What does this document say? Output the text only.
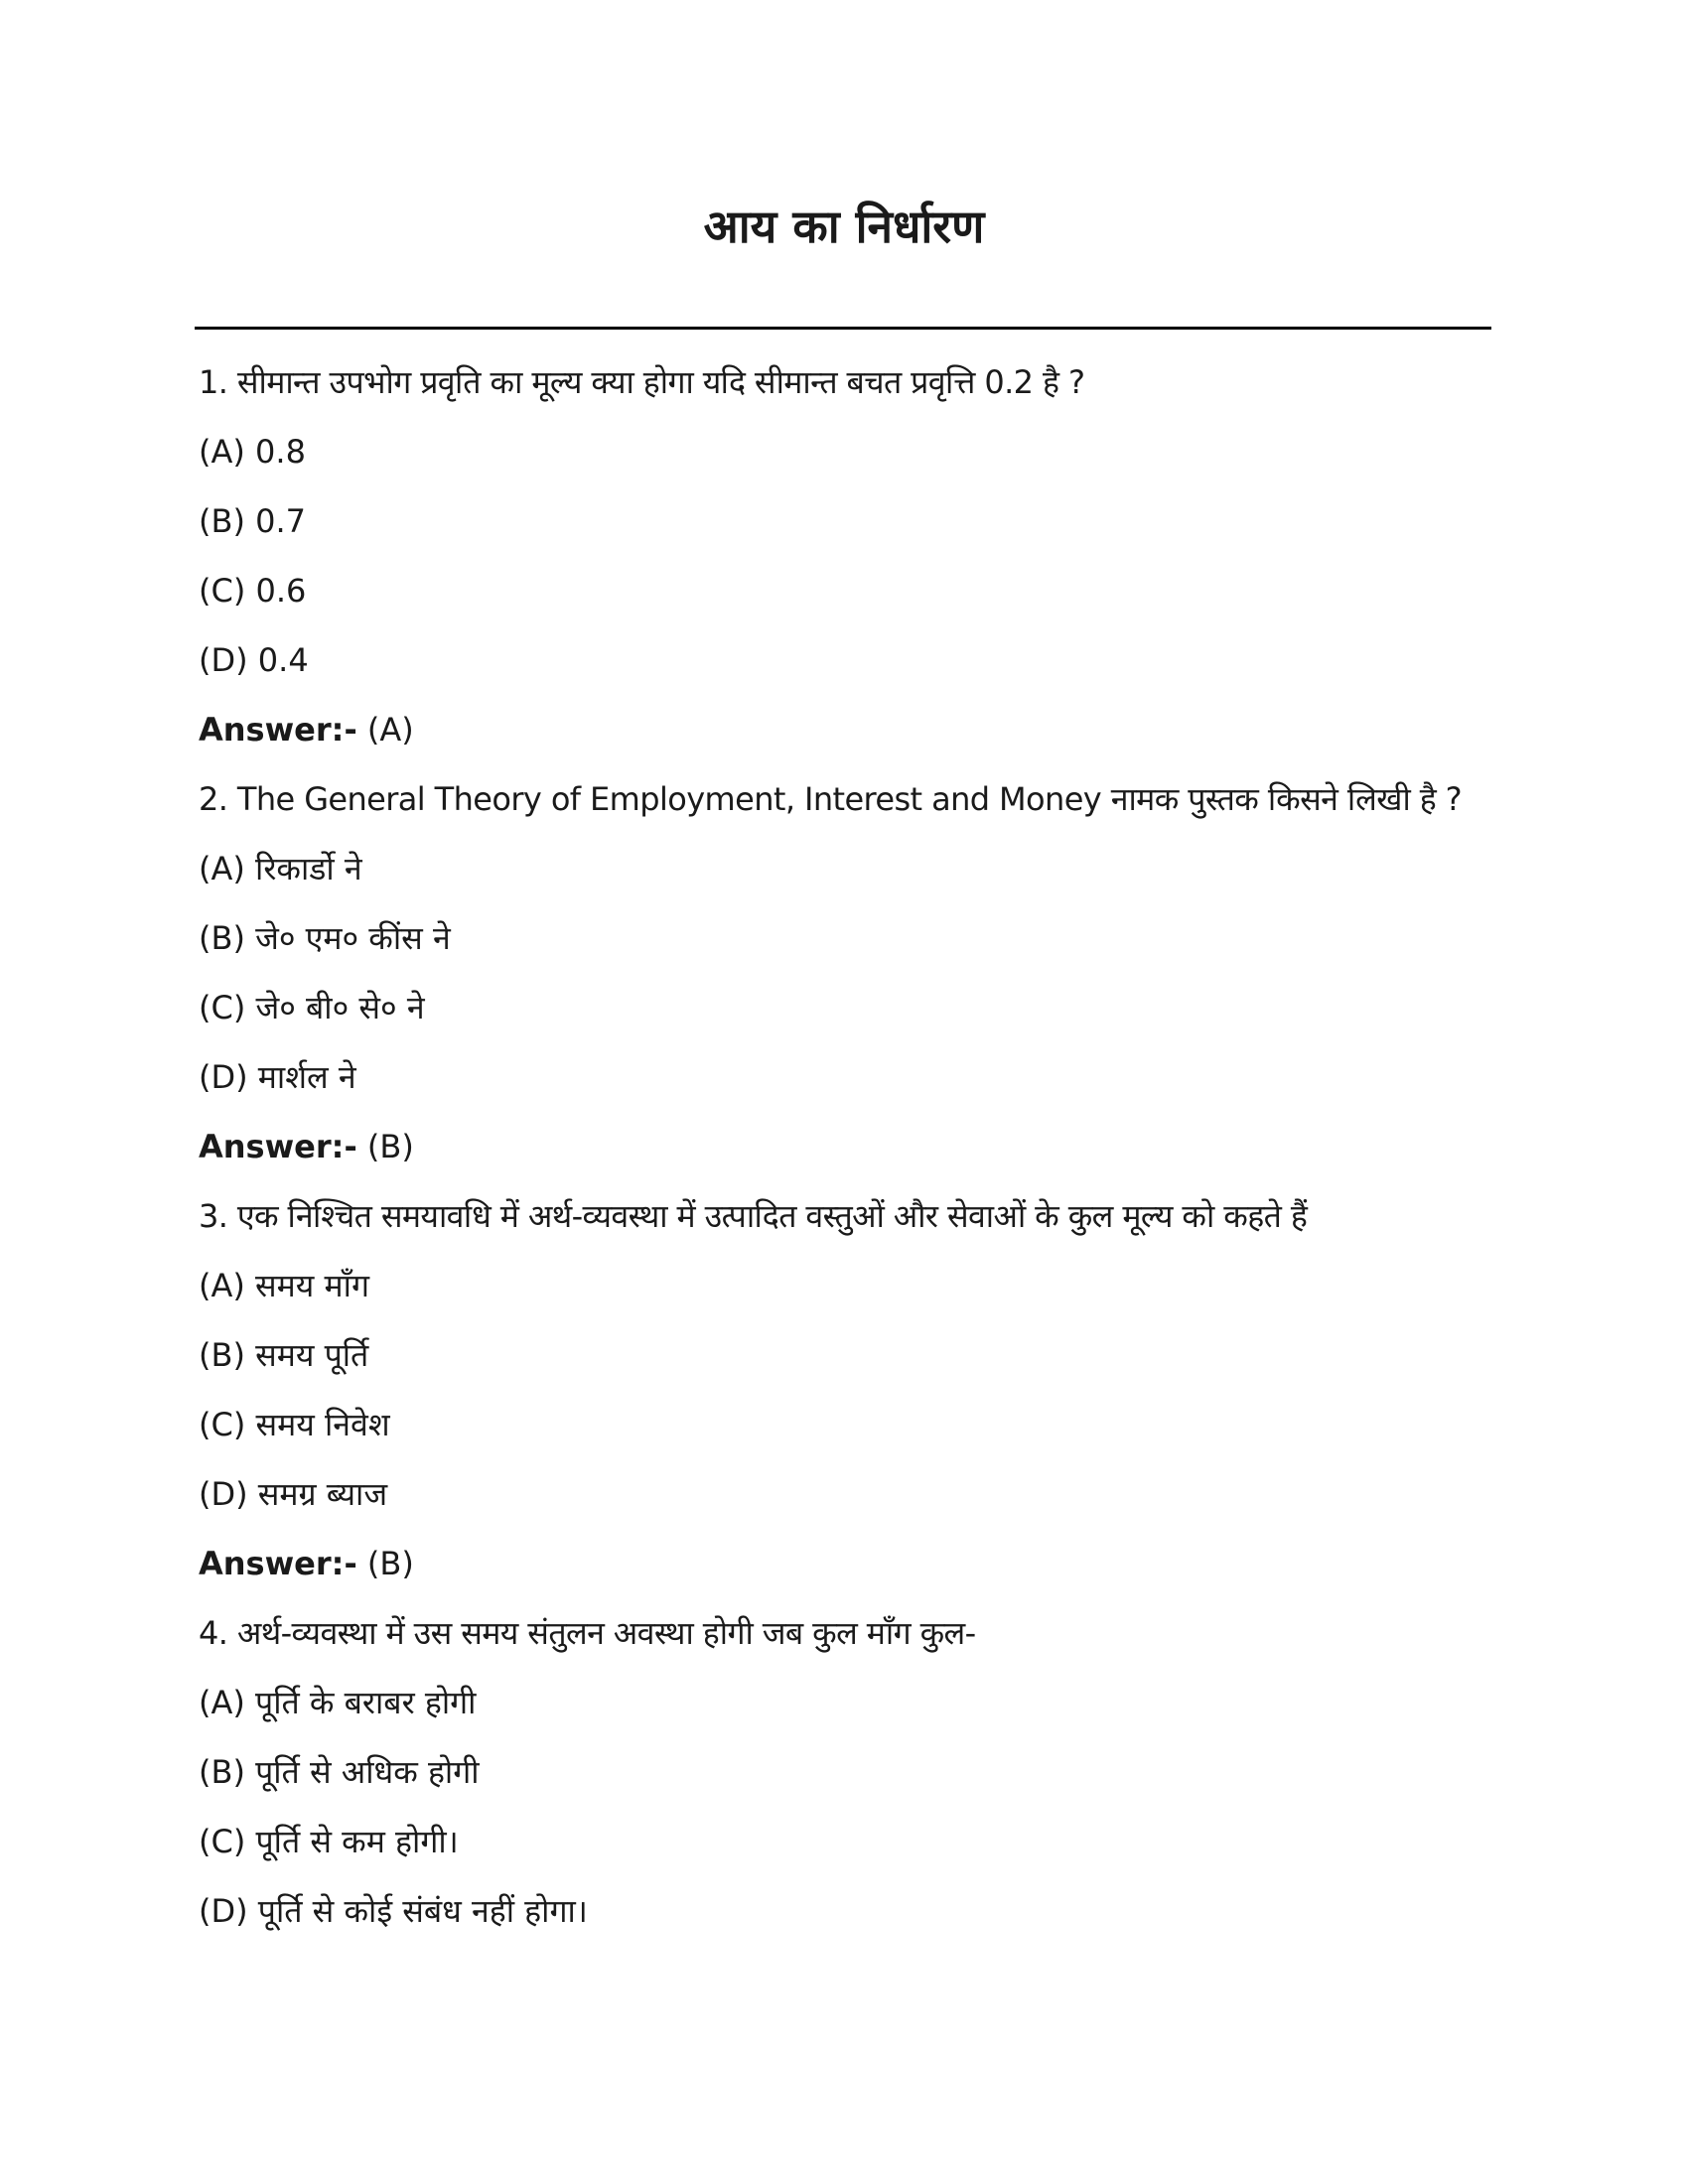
आय का निर्धारण
1. सीमान्त उपभोग प्रवृति का मूल्य क्या होगा यदि सीमान्त बचत प्रवृत्ति 0.2 है ?
(A) 0.8
(B) 0.7
(C) 0.6
(D) 0.4
Answer:- (A)
2. The General Theory of Employment, Interest and Money नामक पुस्तक किसने लिखी है ?
(A) रिकार्डो ने
(B) जे० एम० कींस ने
(C) जे० बी० से० ने
(D) मार्शल ने
Answer:- (B)
3. एक निश्चित समयावधि में अर्थ-व्यवस्था में उत्पादित वस्तुओं और सेवाओं के कुल मूल्य को कहते हैं
(A) समय माँग
(B) समय पूर्ति
(C) समय निवेश
(D) समग्र ब्याज
Answer:- (B)
4. अर्थ-व्यवस्था में उस समय संतुलन अवस्था होगी जब कुल माँग कुल-
(A) पूर्ति के बराबर होगी
(B) पूर्ति से अधिक होगी
(C) पूर्ति से कम होगी।
(D) पूर्ति से कोई संबंध नहीं होगा।
